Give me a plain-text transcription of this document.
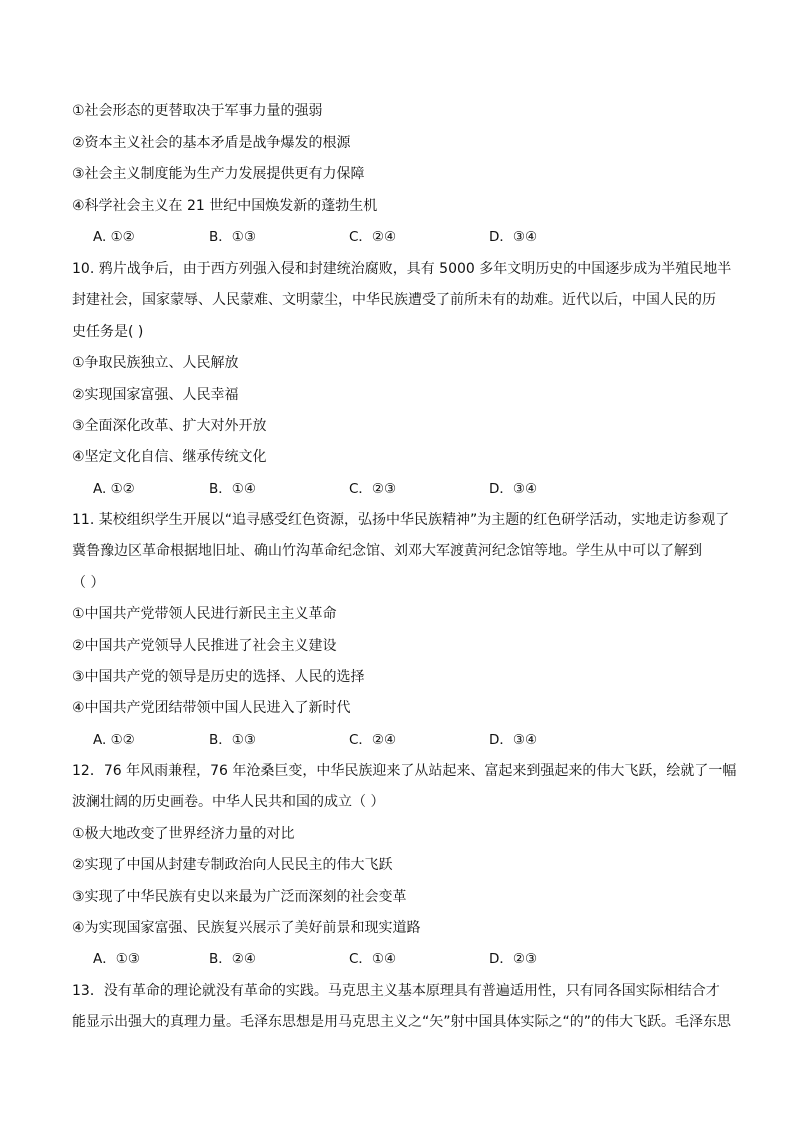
①社会形态的更替取决于军事力量的强弱
②资本主义社会的基本矛盾是战争爆发的根源
③社会主义制度能为生产力发展提供更有力保障
④科学社会主义在 21 世纪中国焕发新的蓬勃生机
A. ①②	B．①③	C．②④	D．③④
10. 鸦片战争后，由于西方列强入侵和封建统治腐败，具有 5000 多年文明历史的中国逐步成为半殖民地半
封建社会，国家蒙辱、人民蒙难、文明蒙尘，中华民族遭受了前所未有的劫难。近代以后，中国人民的历
史任务是( )
①争取民族独立、人民解放
②实现国家富强、人民幸福
③全面深化改革、扩大对外开放
④坚定文化自信、继承传统文化
A. ①②	B．①④	C．②③	D．③④
11. 某校组织学生开展以“追寻感受红色资源，弘扬中华民族精神”为主题的红色研学活动，实地走访参观了
冀鲁豫边区革命根据地旧址、确山竹沟革命纪念馆、刘邓大军渡黄河纪念馆等地。学生从中可以了解到
（ ）
①中国共产党带领人民进行新民主主义革命
②中国共产党领导人民推进了社会主义建设
③中国共产党的领导是历史的选择、人民的选择
④中国共产党团结带领中国人民进入了新时代
A. ①②	B．①③	C．②④	D．③④
12．76 年风雨兼程，76 年沧桑巨变，中华民族迎来了从站起来、富起来到强起来的伟大飞跃，绘就了一幅
波澜壮阔的历史画卷。中华人民共和国的成立（ ）
①极大地改变了世界经济力量的对比
②实现了中国从封建专制政治向人民民主的伟大飞跃
③实现了中华民族有史以来最为广泛而深刻的社会变革
④为实现国家富强、民族复兴展示了美好前景和现实道路
A．①③	B．②④	C．①④	D．②③
13．没有革命的理论就没有革命的实践。马克思主义基本原理具有普遍适用性，只有同各国实际相结合才
能显示出强大的真理力量。毛泽东思想是用马克思主义之“矢”射中国具体实际之“的”的伟大飞跃。毛泽东思
